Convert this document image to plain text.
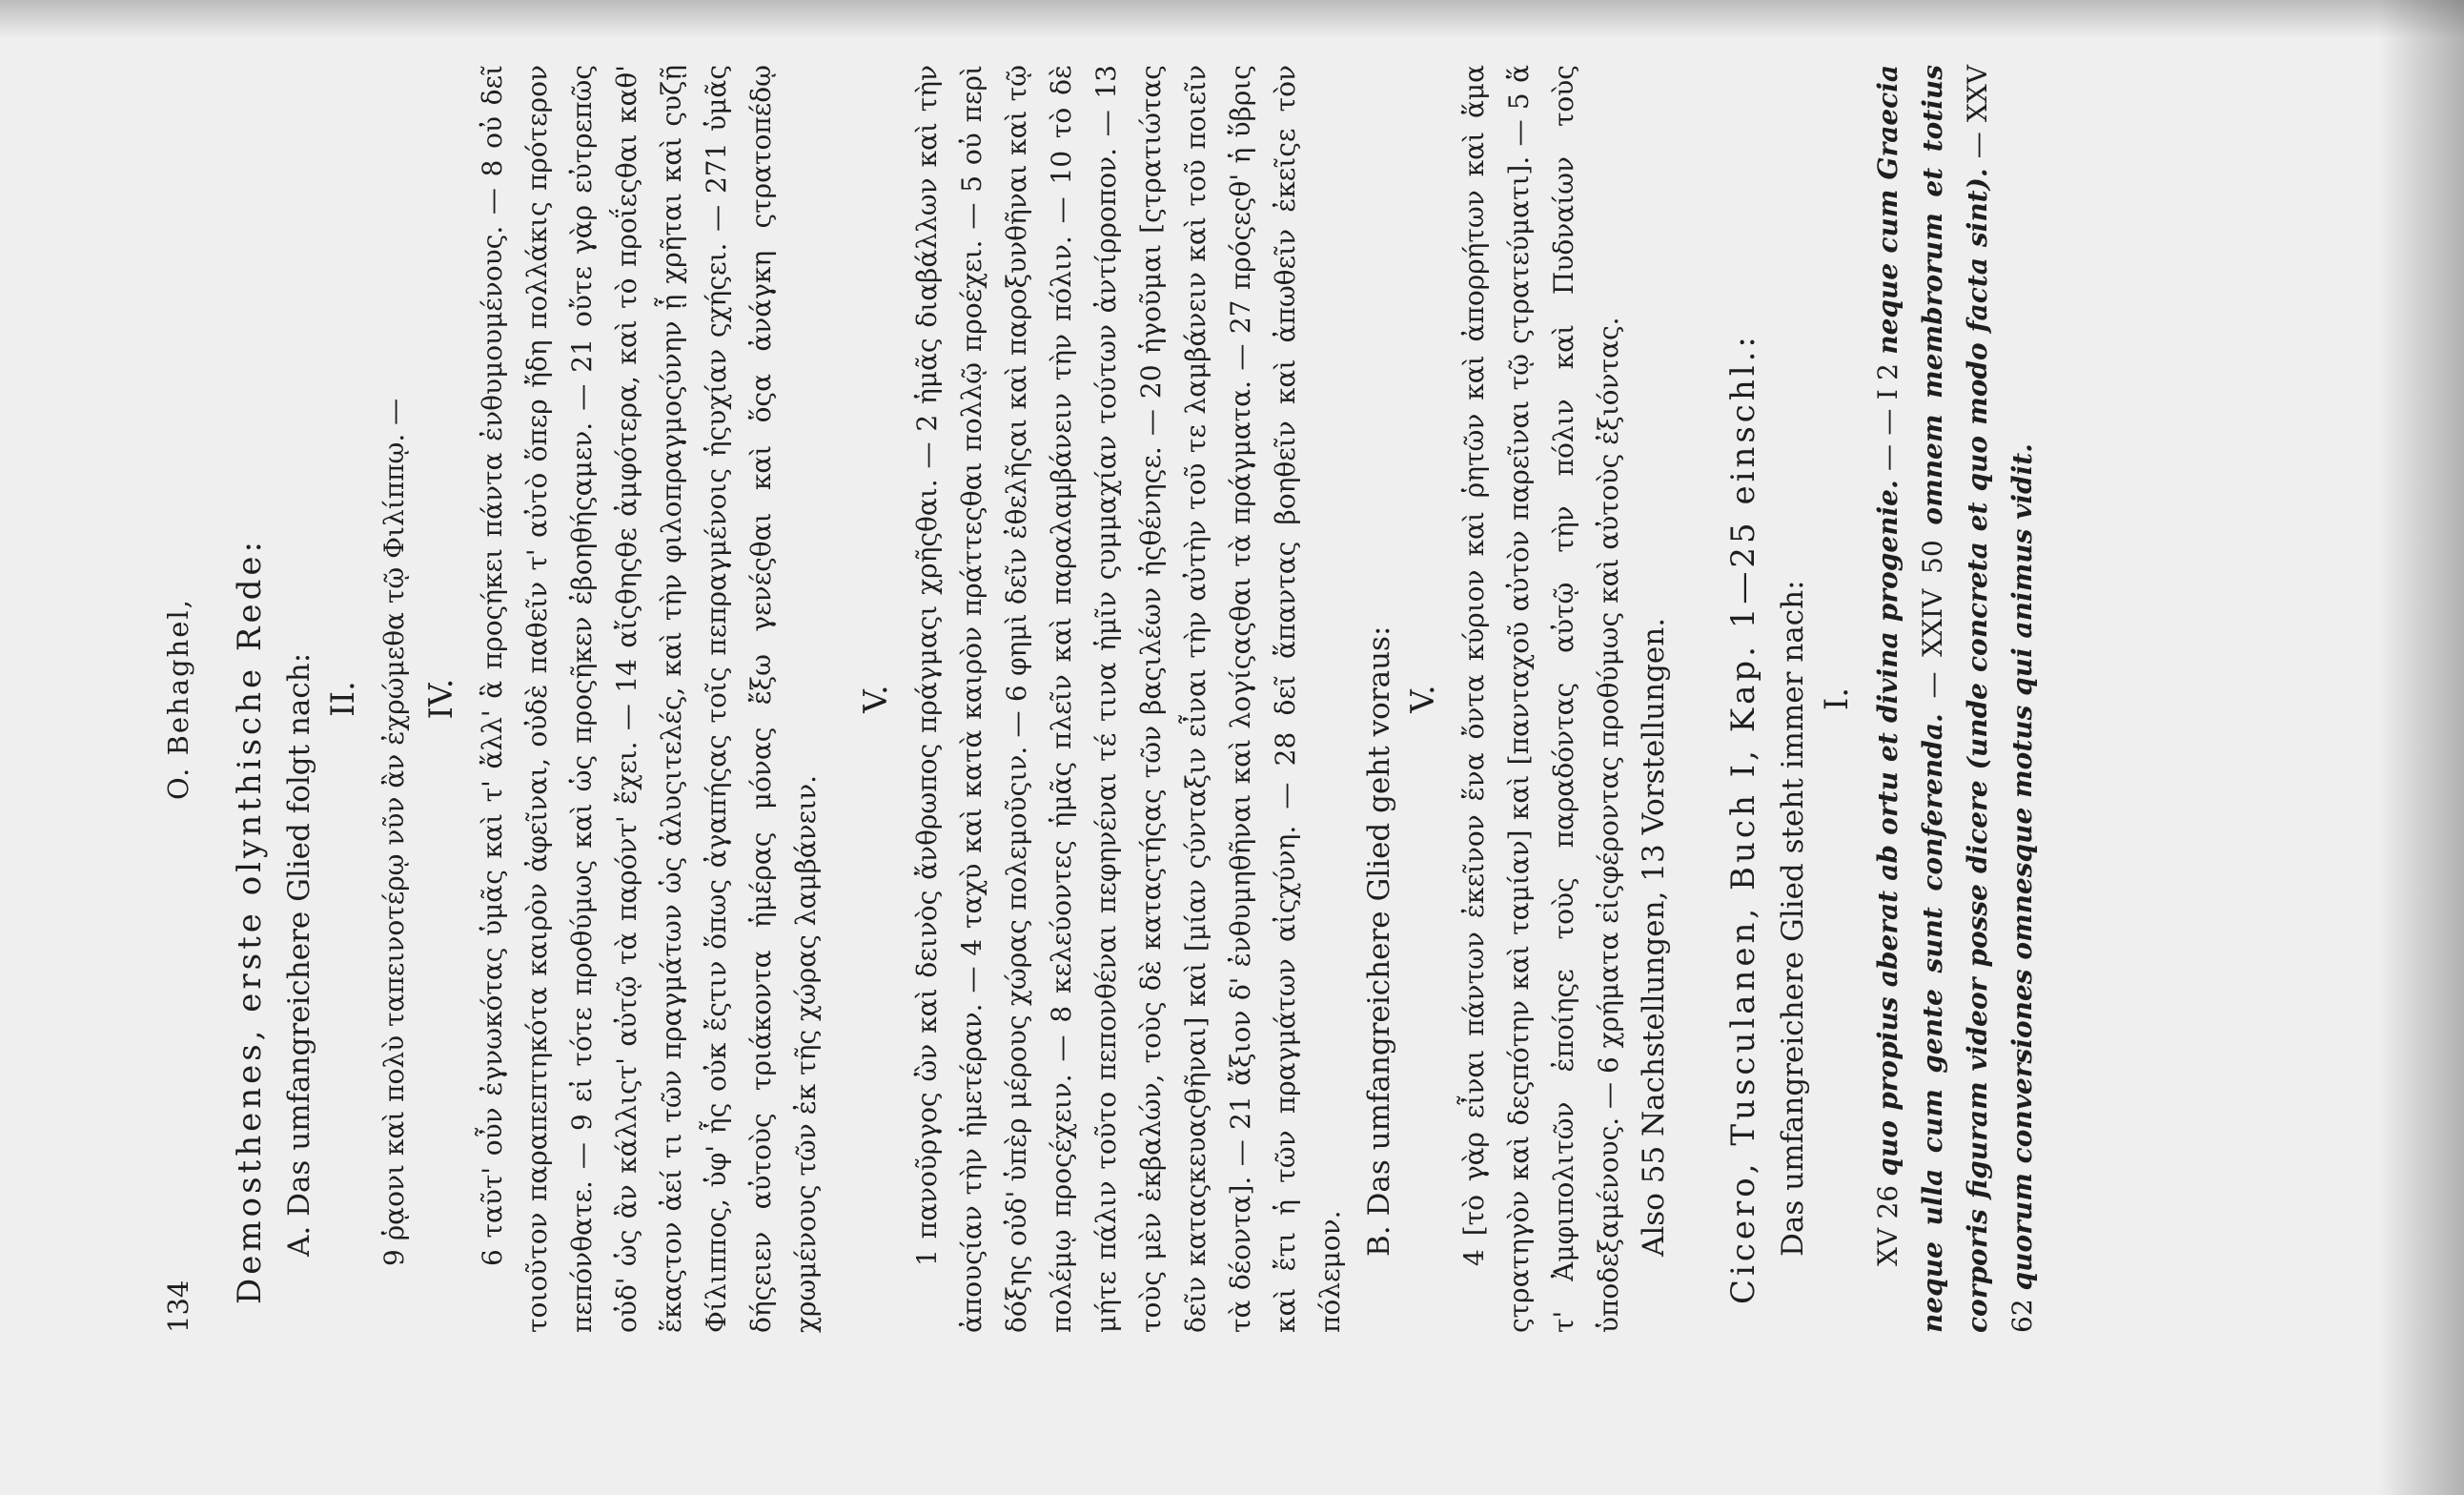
134
O. Behaghel, Demosthenes, erste olynthische Rede: A. Das umfangreichere Glied folgt nach: II. 9 ῥᾳονι καὶ πολὺ ταπεινοτέρῳ νῦν ἂν ἐχρώμεθα τῷ Φιλίππῳ. — IV. 6 ταῦτ' οὖν ἐγνωκότας ὑμᾶς καὶ τ' ἄλλ' ἃ προςήκει πάντα ἐνθυμουμένους. — 8 οὐ δεῖ τοιοῦτον παραπεπτηκότα καιρὸν ἀφεῖναι, οὐδὲ παθεῖν τ' αὐτὸ ὅπερ ἤδη πολλάκις πρότερον πεπόνθατε. — 9 εἰ τότε προθύμως καὶ ὡς προςῆκεν ἐβοηθήςαμεν. — 21 οὔτε γὰρ εὐτρεπῶς οὐδ' ὡς ἂν κάλλιςτ' αὐτῷ τὰ παρόντ' ἔχει. — 14 αἴςθηςθε ἀμφότερα, καὶ τὸ προΐεςθαι καθ' ἕκαςτον ἀεί τι τῶν πραγμάτων ὡς ἀλυςιτελές, καὶ τὴν φιλοπραγμοςύνην ᾗ χρῆται καὶ ςυζῇ Φίλιππος, ὑφ' ἧς οὐκ ἔςτιν ὅπως ἀγαπήςας τοῖς πεπραγμένοις ἡςυχίαν ςχήςει. — 271 ὑμᾶς δήςειεν αὐτοὺς τριάκοντα ἡμέρας μόνας ἔξω γενέςθαι καὶ ὅςα ἀνάγκη ςτρατοπέδῳ χρωμένους τῶν ἐκ τῆς χώρας λαμβάνειν.

V. 1 πανοῦργος ὢν καὶ δεινὸς ἄνθρωπος πράγμαςι χρῆςθαι. — 2 ἡμᾶς διαβάλλων καὶ τὴν ἀπουςίαν τὴν ἡμετέραν. — 4 ταχὺ καὶ κατὰ καιρὸν πράττεςθαι πολλῷ προέχει. — 5 οὐ περὶ δόξης οὐδ' ὑπὲρ μέρους χώρας πολεμοῦςιν. — 6 φημὶ δεῖν ἐθελῆςαι καὶ παροξυνθῆναι καὶ τῷ πολέμῳ προςέχειν. — 8 κελεύοντες ἡμᾶς πλεῖν καὶ παραλαμβάνειν τὴν πόλιν. — 10 τὸ δὲ μήτε πάλιν τοῦτο πεπονθέναι πεφηνέναι τέ τινα ἡμῖν ςυμμαχίαν τούτων ἀντίρροπον. — 13 τοὺς μὲν ἐκβαλών, τοὺς δὲ καταςτήςας τῶν βαςιλέων ἠςθένηςε. — 20 ἡγοῦμαι [ςτρατιώτας δεῖν καταςκευαςθῆναι] καὶ [μίαν ςύνταξιν εἶναι τὴν αὐτὴν τοῦ τε λαμβάνειν καὶ τοῦ ποιεῖν τὰ δέοντα]. — 21 ἄξιον δ' ἐνθυμηθῆναι καὶ λογίςαςθαι τὰ πράγματα. — 27 πρόςεςθ' ἡ ὕβρις καὶ ἔτι ἡ τῶν πραγμάτων αἰςχύνη. — 28 δεῖ ἅπαντας βοηθεῖν καὶ ἀπωθεῖν ἐκεῖςε τὸν πόλεμον.

B. Das umfangreichere Glied geht voraus: V. 4 [τὸ γὰρ εἶναι πάντων ἐκεῖνον ἕνα ὄντα κύριον καὶ ῥητῶν καὶ ἀπορρήτων καὶ ἅμα ςτρατηγὸν καὶ δεςπότην καὶ ταμίαν] καὶ [πανταχοῦ αὐτὸν παρεῖναι τῷ ςτρατεύματι]. — 5 ἅ τ' Ἀμφιπολιτῶν ἐποίηςε τοὺς παραδόντας αὐτῷ τὴν πόλιν καὶ Πυδναίων τοὺς ὑποδεξαμένους. — 6 χρήματα εἰςφέροντας προθύμως καὶ αὐτοὺς ἐξιόντας. Also 55 Nachstellungen, 13 Vorstellungen. Cicero, Tusculanen, Buch I, Kap. 1—25 einschl.: Das umfangreichere Glied steht immer nach: I.

XV 26 quo propius aberat ab ortu et divina progenie. — — I 2 neque cum Graecia neque ulla cum gente sunt conferenda. — XXIV 50 omnem membrorum et totius corporis figuram videor posse dicere (unde concreta et quo modo facta sint). — XXV 62 quorum conversiones omnesque motus qui animus vidit.
